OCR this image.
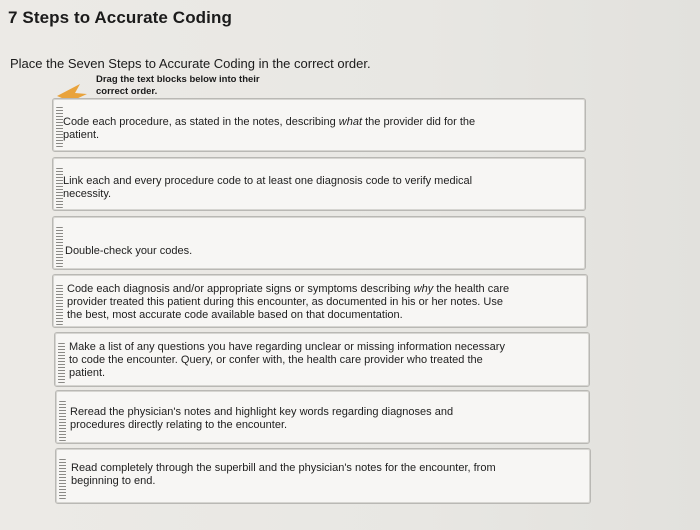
7 Steps to Accurate Coding
Place the Seven Steps to Accurate Coding in the correct order.
Drag the text blocks below into their correct order.
Code each procedure, as stated in the notes, describing what the provider did for the patient.
Link each and every procedure code to at least one diagnosis code to verify medical necessity.
Double-check your codes.
Code each diagnosis and/or appropriate signs or symptoms describing why the health care provider treated this patient during this encounter, as documented in his or her notes. Use the best, most accurate code available based on that documentation.
Make a list of any questions you have regarding unclear or missing information necessary to code the encounter. Query, or confer with, the health care provider who treated the patient.
Reread the physician's notes and highlight key words regarding diagnoses and procedures directly relating to the encounter.
Read completely through the superbill and the physician's notes for the encounter, from beginning to end.
